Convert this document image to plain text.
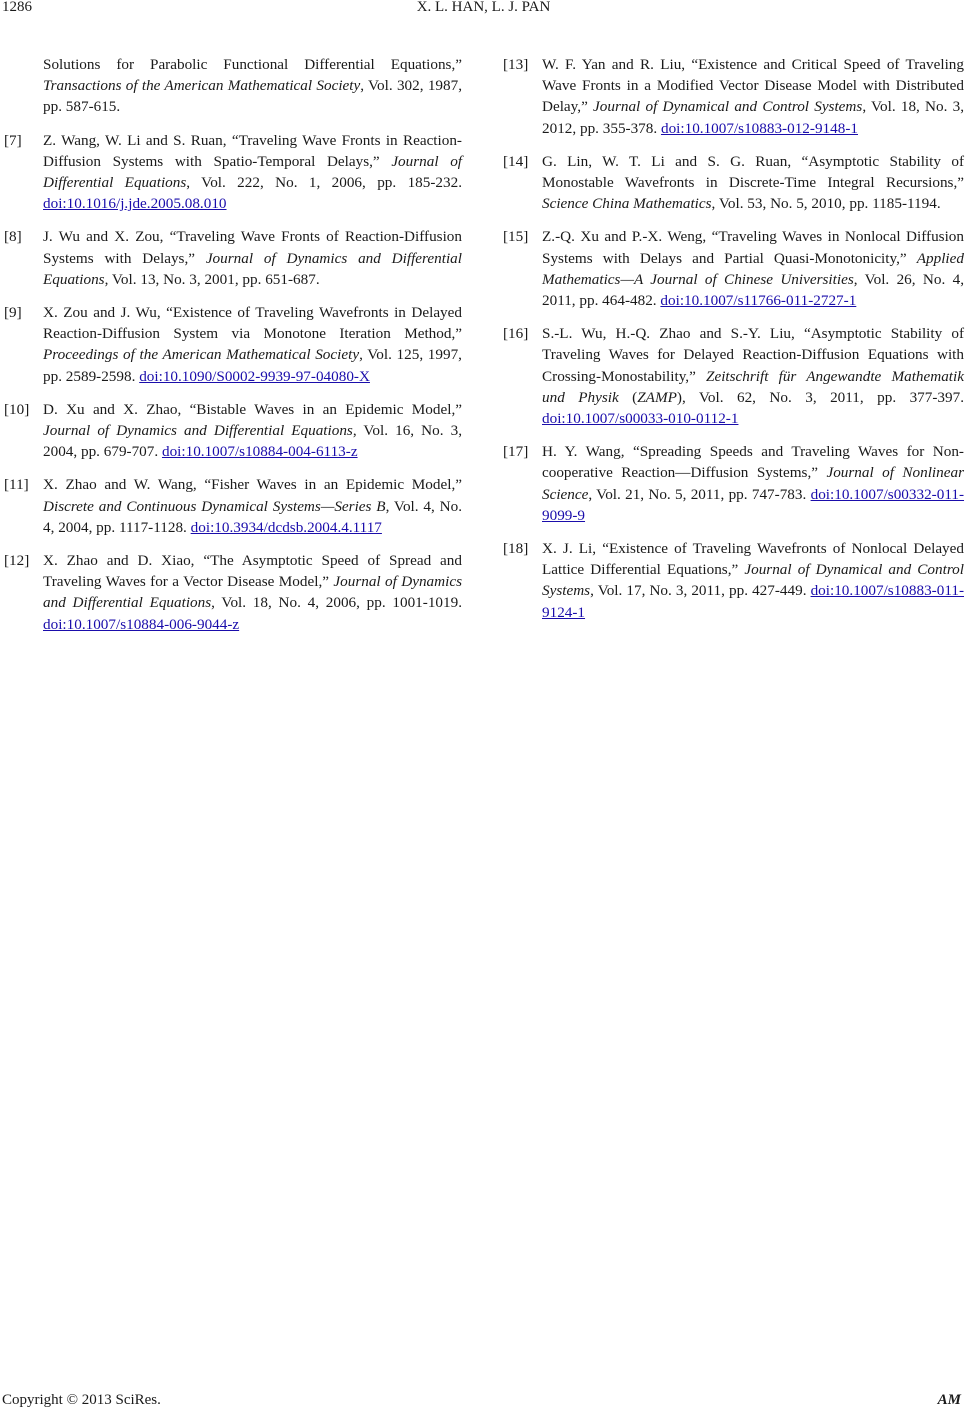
1286	X. L. HAN, L. J. PAN
Solutions for Parabolic Functional Differential Equations,” Transactions of the American Mathematical Society, Vol. 302, 1987, pp. 587-615.
[7] Z. Wang, W. Li and S. Ruan, “Traveling Wave Fronts in Reaction-Diffusion Systems with Spatio-Temporal Delays,” Journal of Differential Equations, Vol. 222, No. 1, 2006, pp. 185-232. doi:10.1016/j.jde.2005.08.010
[8] J. Wu and X. Zou, “Traveling Wave Fronts of Reaction-Diffusion Systems with Delays,” Journal of Dynamics and Differential Equations, Vol. 13, No. 3, 2001, pp. 651-687.
[9] X. Zou and J. Wu, “Existence of Traveling Wavefronts in Delayed Reaction-Diffusion System via Monotone Iteration Method,” Proceedings of the American Mathematical Society, Vol. 125, 1997, pp. 2589-2598. doi:10.1090/S0002-9939-97-04080-X
[10] D. Xu and X. Zhao, “Bistable Waves in an Epidemic Model,” Journal of Dynamics and Differential Equations, Vol. 16, No. 3, 2004, pp. 679-707. doi:10.1007/s10884-004-6113-z
[11] X. Zhao and W. Wang, “Fisher Waves in an Epidemic Model,” Discrete and Continuous Dynamical Systems—Series B, Vol. 4, No. 4, 2004, pp. 1117-1128. doi:10.3934/dcdsb.2004.4.1117
[12] X. Zhao and D. Xiao, “The Asymptotic Speed of Spread and Traveling Waves for a Vector Disease Model,” Journal of Dynamics and Differential Equations, Vol. 18, No. 4, 2006, pp. 1001-1019. doi:10.1007/s10884-006-9044-z
[13] W. F. Yan and R. Liu, “Existence and Critical Speed of Traveling Wave Fronts in a Modified Vector Disease Model with Distributed Delay,” Journal of Dynamical and Control Systems, Vol. 18, No. 3, 2012, pp. 355-378. doi:10.1007/s10883-012-9148-1
[14] G. Lin, W. T. Li and S. G. Ruan, “Asymptotic Stability of Monostable Wavefronts in Discrete-Time Integral Recursions,” Science China Mathematics, Vol. 53, No. 5, 2010, pp. 1185-1194.
[15] Z.-Q. Xu and P.-X. Weng, “Traveling Waves in Nonlocal Diffusion Systems with Delays and Partial Quasi-Monotonicity,” Applied Mathematics—A Journal of Chinese Universities, Vol. 26, No. 4, 2011, pp. 464-482. doi:10.1007/s11766-011-2727-1
[16] S.-L. Wu, H.-Q. Zhao and S.-Y. Liu, “Asymptotic Stability of Traveling Waves for Delayed Reaction-Diffusion Equations with Crossing-Monostability,” Zeitschrift für Angewandte Mathematik und Physik (ZAMP), Vol. 62, No. 3, 2011, pp. 377-397. doi:10.1007/s00033-010-0112-1
[17] H. Y. Wang, “Spreading Speeds and Traveling Waves for Non-cooperative Reaction—Diffusion Systems,” Journal of Nonlinear Science, Vol. 21, No. 5, 2011, pp. 747-783. doi:10.1007/s00332-011-9099-9
[18] X. J. Li, “Existence of Traveling Wavefronts of Nonlocal Delayed Lattice Differential Equations,” Journal of Dynamical and Control Systems, Vol. 17, No. 3, 2011, pp. 427-449. doi:10.1007/s10883-011-9124-1
Copyright © 2013 SciRes.	AM
